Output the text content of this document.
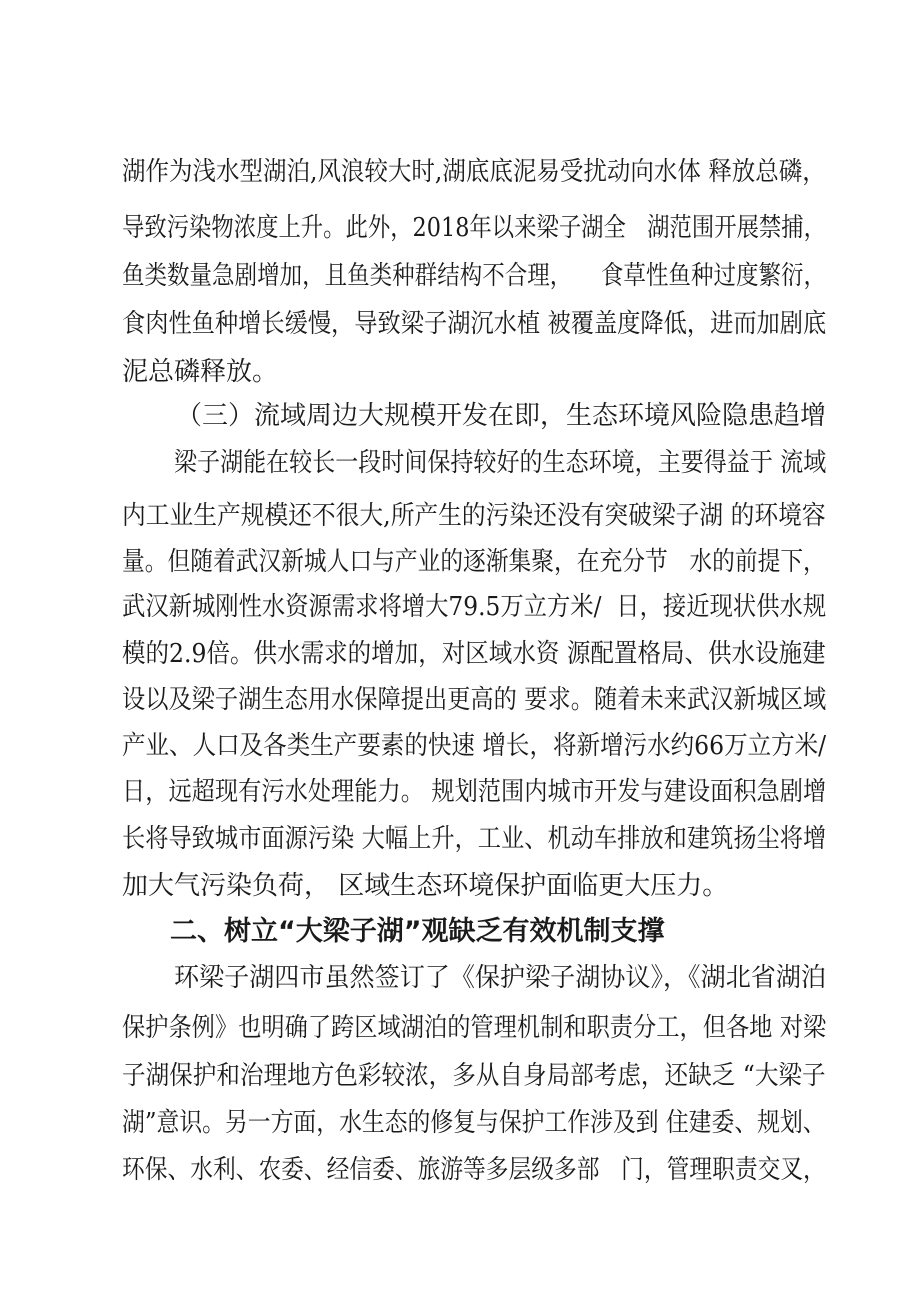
湖作为浅水型湖泊,风浪较大时,湖底底泥易受扰动向水体 释放总磷，
导致污染物浓度上升。此外，2018年以来梁子湖全   湖范围开展禁捕，
鱼类数量急剧增加，且鱼类种群结构不合理，    食草性鱼种过度繁衍，
食肉性鱼种增长缓慢，导致梁子湖沉水植 被覆盖度降低，进而加剧底
泥总磷释放。
（三）流域周边大规模开发在即，生态环境风险隐患趋增
梁子湖能在较长一段时间保持较好的生态环境，主要得益于 流域
内工业生产规模还不很大,所产生的污染还没有突破梁子湖 的环境容
量。但随着武汉新城人口与产业的逐渐集聚，在充分节   水的前提下，
武汉新城刚性水资源需求将增大79.5万立方米/  日，接近现状供水规
模的2.9倍。供水需求的增加，对区域水资 源配置格局、供水设施建
设以及梁子湖生态用水保障提出更高的 要求。随着未来武汉新城区域
产业、人口及各类生产要素的快速 增长，将新增污水约66万立方米/
日，远超现有污水处理能力。 规划范围内城市开发与建设面积急剧增
长将导致城市面源污染 大幅上升，工业、机动车排放和建筑扬尘将增
加大气污染负荷， 区域生态环境保护面临更大压力。
二、树立“大梁子湖”观缺乏有效机制支撑
环梁子湖四市虽然签订了《保护梁子湖协议》，《湖北省湖泊
保护条例》也明确了跨区域湖泊的管理机制和职责分工，但各地 对梁
子湖保护和治理地方色彩较浓，多从自身局部考虑，还缺乏 “大梁子
湖”意识。另一方面，水生态的修复与保护工作涉及到 住建委、规划、
环保、水利、农委、经信委、旅游等多层级多部   门，管理职责交叉，
